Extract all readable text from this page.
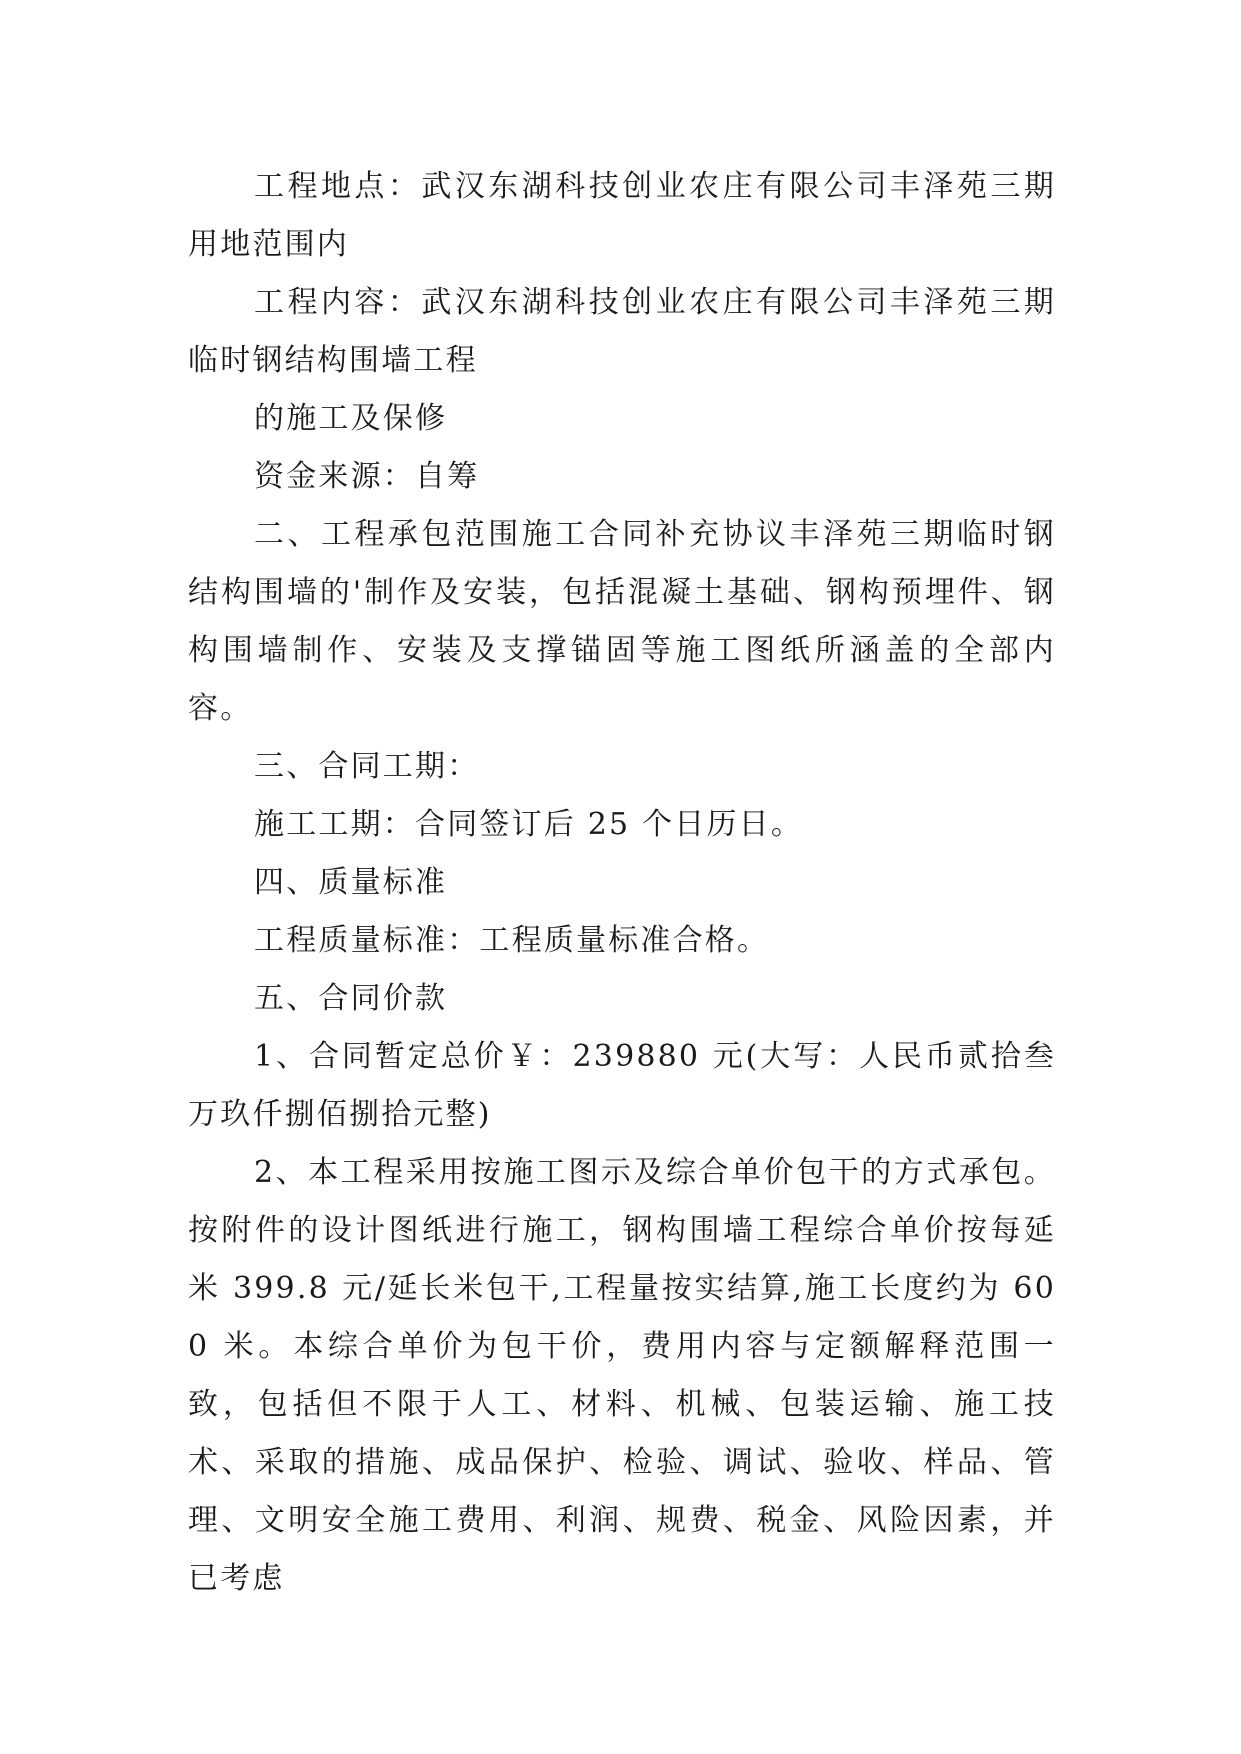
工程地点：武汉东湖科技创业农庄有限公司丰泽苑三期用地范围内

工程内容：武汉东湖科技创业农庄有限公司丰泽苑三期临时钢结构围墙工程

的施工及保修

资金来源：自筹

二、工程承包范围施工合同补充协议丰泽苑三期临时钢结构围墙的'制作及安装，包括混凝土基础、钢构预埋件、钢构围墙制作、安装及支撑锚固等施工图纸所涵盖的全部内容。

三、合同工期：

施工工期：合同签订后 25 个日历日。

四、质量标准

工程质量标准：工程质量标准合格。

五、合同价款

1、合同暂定总价￥：239880 元(大写：人民币贰拾叁万玖仟捌佰捌拾元整)

2、本工程采用按施工图示及综合单价包干的方式承包。按附件的设计图纸进行施工，钢构围墙工程综合单价按每延米 399.8 元/延长米包干,工程量按实结算,施工长度约为 600 米。本综合单价为包干价，费用内容与定额解释范围一致，包括但不限于人工、材料、机械、包装运输、施工技术、采取的措施、成品保护、检验、调试、验收、样品、管理、文明安全施工费用、利润、规费、税金、风险因素，并已考虑
